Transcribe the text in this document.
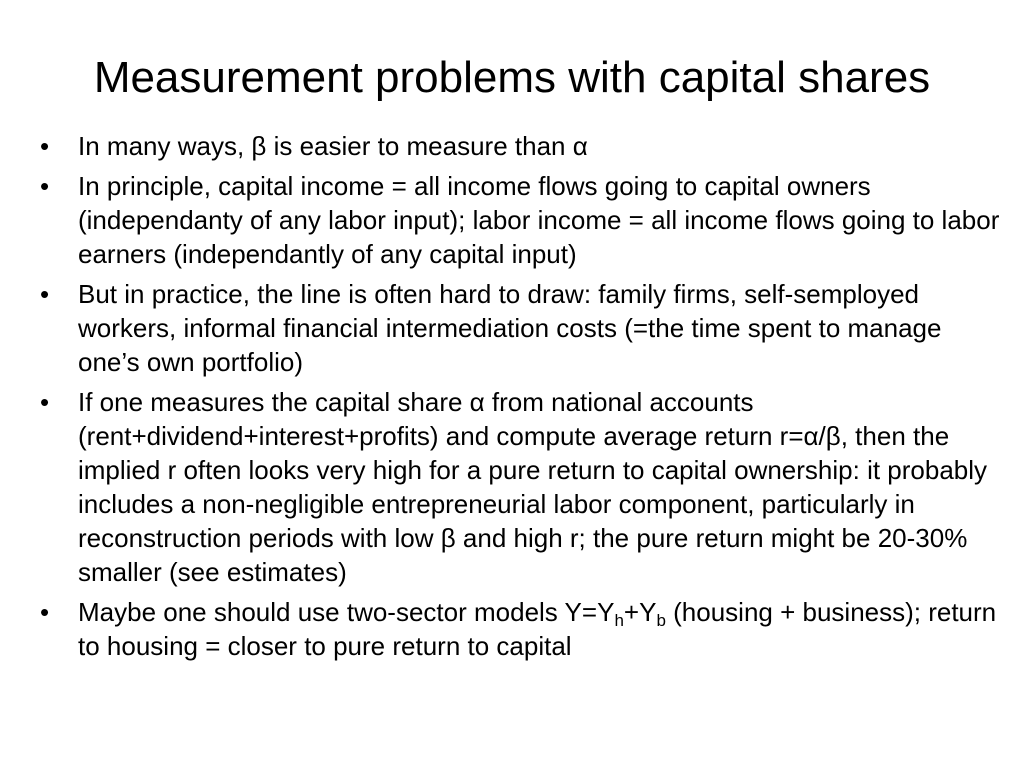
Measurement problems with capital shares
•	In many ways, β is easier to measure than α
•	In principle, capital income = all income flows going to capital owners (independanty of any labor input); labor income = all income flows going to labor earners (independantly of any capital input)
•	But in practice, the line is often hard to draw: family firms, self-semployed workers, informal financial intermediation costs (=the time spent to manage one’s own portfolio)
•	If one measures the capital share α from national accounts (rent+dividend+interest+profits) and compute average return r=α/β, then the implied r often looks very high for a pure return to capital ownership: it probably includes a non-negligible entrepreneurial labor component, particularly in reconstruction periods with low β and high r; the pure return might be 20-30% smaller (see estimates)
•	Maybe one should use two-sector models $Y=Y_h+Y_b$ (housing + business); return to housing = closer to pure return to capital
